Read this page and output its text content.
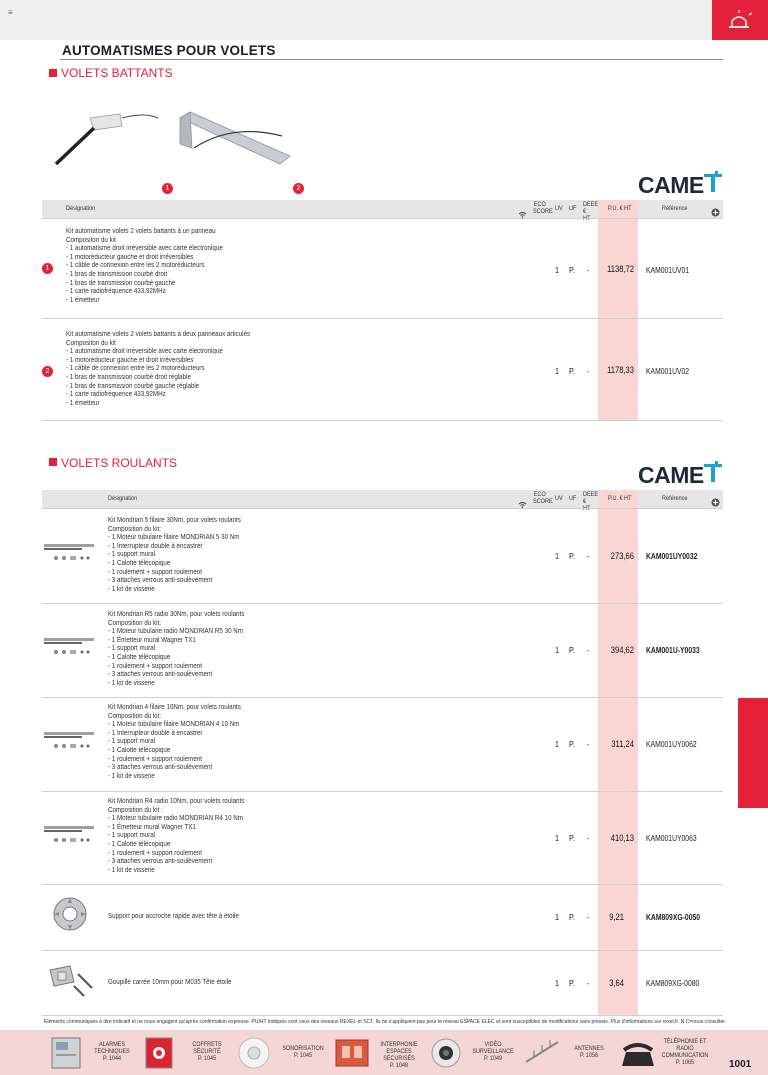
≡
AUTOMATISMES POUR VOLETS
VOLETS BATTANTS
1	2	CAME
Désignation
ECO SCORE UV UF
DEEE €	P.U. € HT	Référence
1
Kit automatisme volets 2 volets battants à un panneau
Compositon du kit
- 1 automatisme droit irréversible avec carte électronique
- 1 motoréducteur gauche et droit irréversibles
- 1 câble de connexion entre les 2 motoréducteurs
- 1 bras de transmission courbé droit
- 1 bras de transmission courbé gauche
- 1 carte radiofréquence 433,92MHz
- 1 émetteur
1 P. - 1138,72 KAM001UV01
2
Kit automatisme volets 2 volets battants à deux panneaux articulés
Compositon du kit
- 1 automatisme droit irréversible avec carte électronique
- 1 motoréducteur gauche et droit irréversibles
- 1 câble de connexion entre les 2 motoréducteurs
- 1 bras de transmission courbé droit réglable
- 1 bras de transmission courbé gauche réglable
- 1 carte radiofréquence 433,92MHz
- 1 émetteur
1 P. - 1178,33 KAM001UV02
VOLETS ROULANTS	CAME
Désignation
ECO SCORE UV UF
DEEE €	P.U. € HT	Référence
Kit Mondrian 5 filaire 30Nm, pour volets roulants
Composition du kit:
- 1 Moteur tubulaire filaire MONDRIAN 5 30 Nm
- 1 Interrupteur double à encastrer
- 1 support mural
- 1 Calotte télécopique
- 1 roulement + support roulement
- 3 attaches verrous anti-soulèvement
- 1 kit de visserie
1 P. -	273,66 KAM001UY0032
Kit Mondrian R5 radio 30Nm, pour volets roulants
Composition du kit:
- 1 Moteur tubulaire radio MONDRIAN R5 30 Nm
- 1 Émetteur mural Wagner TX1
- 1 support mural
- 1 Calotte télécopique
- 1 roulement + support roulement
- 3 attaches verrous anti-soulèvement
- 1 kit de visserie
1 P. -	394,62 KAM001U-Y0033
Kit Mondrian 4 filaire 10Nm, pour volets roulants
Composition du kit:
- 1 Moteur tubulaire filaire MONDRIAN 4 10 Nm
- 1 Interrupteur double à encastrer
- 1 support mural
- 1 Calotte télécopique
- 1 roulement + support roulement
- 3 attaches verrous anti-soulèvement
- 1 kit de visserie
1 P. -	311,24 KAM001UY0062
Kit Mondrian R4 radio 10Nm, pour volets roulants
Composition du kit :
- 1 Moteur tubulaire radio MONDRIAN R4 10 Nm
- 1 Émetteur mural Wagner TX1
- 1 support mural
- 1 Calotte télécopique
- 1 roulement + support roulement
- 3 attaches verrous anti-soulèvement
- 1 kit de visserie
1 P. -	410,13 KAM001UY0063
Support pour accroche rapide avec tête à étoile	1 P. -	9,21	KAM809XG-0050
Goupille carrée 10mm pour M035 Tête étoile	1 P. -	3,64	KAM809XG-0080
Éléments communiqués à titre indicatif et ne nous engagent qu'après confirmation expresse. PU/HT indiqués sont ceux des réseaux REXEL et SCT. Ils ne s'appliquent pas pour le réseau ESPACE ELEC et sont susceptibles de modifications sans préavis. Plus d'informations sur rexel.fr. N.C=nous consulter.
ALARMES TECHNIQUES
P. 1044
COFFRETS SÉCURITÉ
P. 1045
SONORISATION
P. 1045
INTERPHONIE ESPACES SÉCURISÉS
P. 1048
VIDÉO SURVEILLANCE
P. 1049
ANTENNES
P. 1056
TÉLÉPHONIE ET RADIO COMMUNICATION
P. 1065	1001
